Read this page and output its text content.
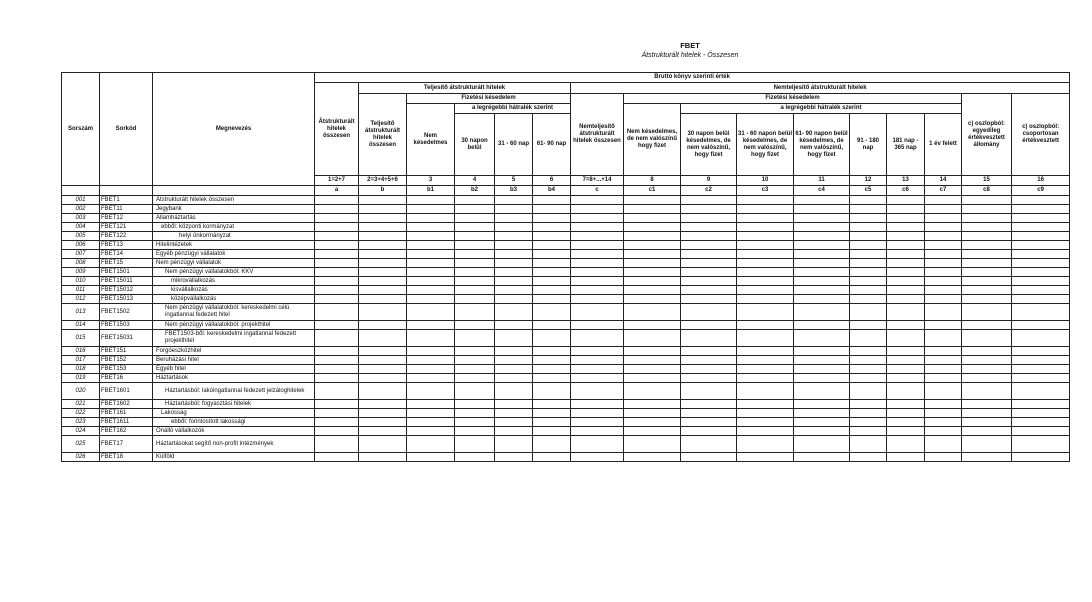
FBET
Átstrukturált hitelek - Összesen
Sorszám	Sorkód	Megnevezés	Bruttó könyv szerinti érték															
			Átstrukturált hitelek összesen	Teljesítő átstrukturált hitelek					Nemteljesítő átstrukturált hitelek									
				Teljesítő átstrukturált hitelek összesen	Fizetési késedelem				Nemteljesítő átstrukturált hitelek összesen	Fizetési késedelem							c) oszlopból: egyedileg értékvesztett állomány	c) oszlopból: csoportosan értékvesztett
					Nem késedelmes	a legrégebbi hátralék szerint				Nem késedelmes, de nem valószínű hogy fizet	a legrégebbi hátralék szerint							
						30 napon belül	31 - 60 nap	61- 90 nap			30 napon belül késedelmes, de nem valószínű, hogy fizet	31 - 60 napon belül késedelmes, de nem valószínű, hogy fizet	61- 90 napon belül késedelmes, de nem valószínű, hogy fizet	91 - 180 nap	181 nap - 365 nap	1 év felett		
			1=2+7	2=3+4+5+6	3	4	5	6	7=8+...+14	8	9	10	11	12	13	14	15	16
			a	b	b1	b2	b3	b4	c	c1	c2	c3	c4	c5	c6	c7	c8	c9
001	FBET1	Átstrukturált hitelek összesen																
002	FBET11	Jegybank																
003	FBET12	Államháztartás																
004	FBET121	ebből: központi kormányzat																
005	FBET122	helyi önkormányzat																
006	FBET13	Hitelintézetek																
007	FBET14	Egyéb pénzügyi vállalatok																
008	FBET15	Nem pénzügyi vállalatok																
009	FBET1501	Nem pénzügyi vállalatokból: KKV																
010	FBET15011	mikrovállalkozás																
011	FBET15012	kisvállalkozás																
012	FBET15013	középvállalkozás																
013	FBET1502	Nem pénzügyi vállalatokból: kereskedelmi célú ingatlannal fedezett hitel																
014	FBET1503	Nem pénzügyi vállalatokból: projekthitel																
015	FBET15031	FBET1503-ből: kereskedelmi ingatlannal fedezett projekthitel																
016	FBET151	Forgóeszközhitel																
017	FBET152	Beruházási hitel																
018	FBET153	Egyéb hitel																
019	FBET16	Háztartások																
020	FBET1601	Háztartásból: lakóingatlannal fedezett jelzáloghitelek																
021	FBET1602	Háztartásból: fogyasztási hitelek																
022	FBET161	Lakosság																
023	FBET1611	ebből: forintosított lakossági																
024	FBET162	Önálló vállalkozók																
025	FBET17	Háztartásokat segítő non-profit intézmények																
026	FBET18	Külföld																
